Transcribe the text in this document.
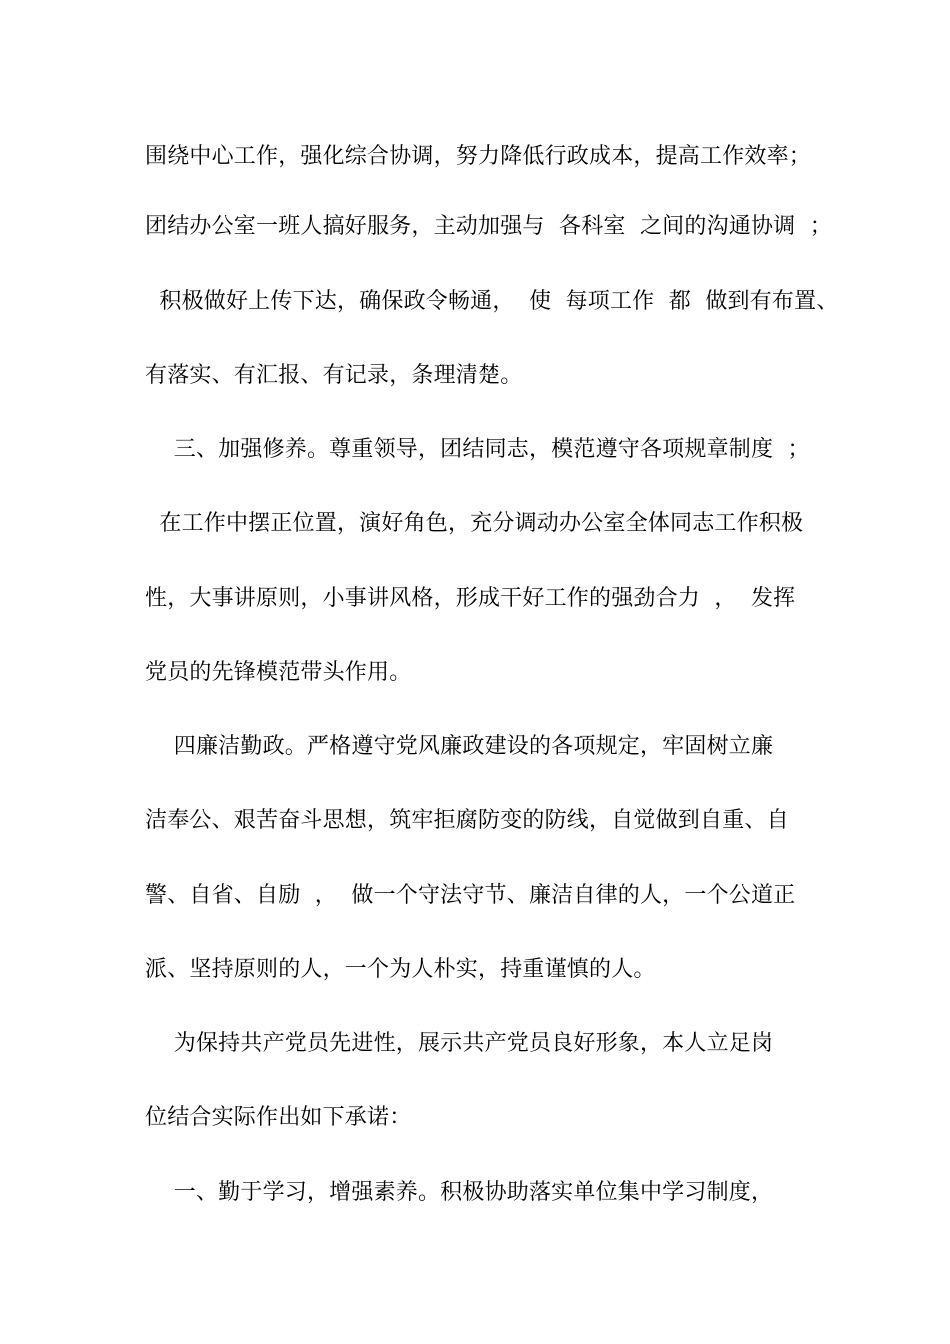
围绕中心工作，强化综合协调，努力降低行政成本，提高工作效率；
团结办公室一班人搞好服务，主动加强与  各科室  之间的沟通协调  ；
积极做好上传下达，确保政令畅通，  使  每项工作  都  做到有布置、
有落实、有汇报、有记录，条理清楚。
三、加强修养。尊重领导，团结同志，模范遵守各项规章制度  ；
在工作中摆正位置，演好角色，充分调动办公室全体同志工作积极
性，大事讲原则，小事讲风格，形成干好工作的强劲合力  ，  发挥
党员的先锋模范带头作用。
四廉洁勤政。严格遵守党风廉政建设的各项规定，牢固树立廉
洁奉公、艰苦奋斗思想，筑牢拒腐防变的防线，自觉做到自重、自
警、自省、自励  ，  做一个守法守节、廉洁自律的人，一个公道正
派、坚持原则的人，一个为人朴实，持重谨慎的人。
为保持共产党员先进性，展示共产党员良好形象，本人立足岗
位结合实际作出如下承诺：
一、勤于学习，增强素养。积极协助落实单位集中学习制度，
